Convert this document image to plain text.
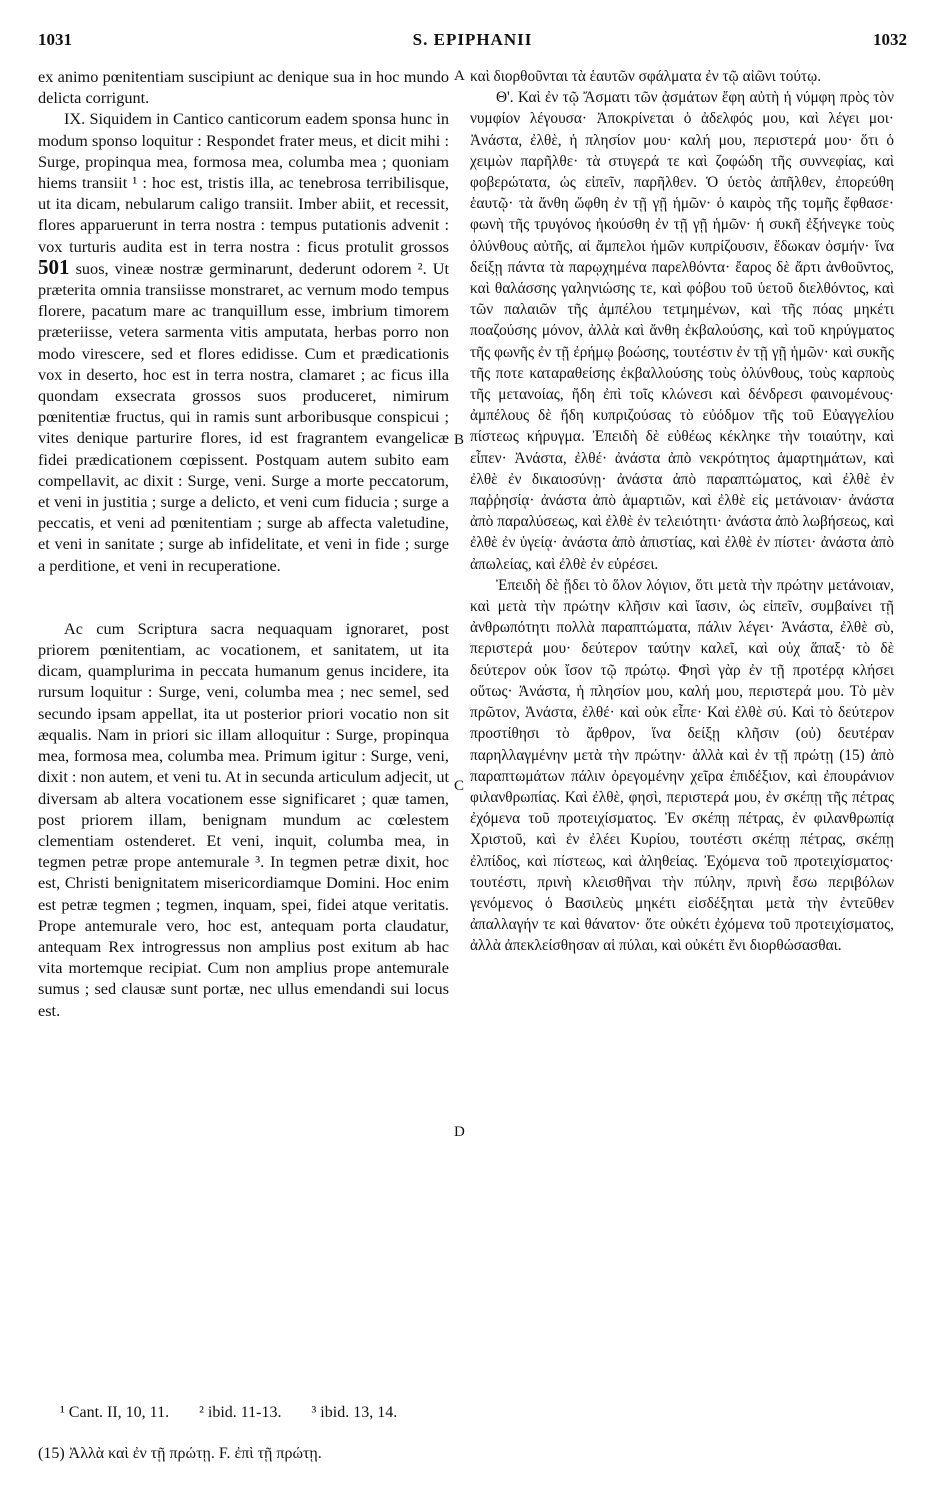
1031	S. EPIPHANII	1032

ex animo pœnitentiam suscipiunt ac denique sua in hoc mundo delicta corrigunt.

IX. Siquidem in Cantico canticorum eadem sponsa hunc in modum sponso loquitur : Respondet frater meus, et dicit mihi : Surge, propinqua mea, formosa mea, columba mea ; quoniam hiems transiit ¹ : hoc est, tristis illa, ac tenebrosa terribilisque, ut ita dicam, nebularum caligo transiit. Imber abiit, et recessit, flores apparuerunt in terra nostra : tempus putationis advenit : vox turturis audita est in terra nostra : ficus protulit grossos 501 suos, vineæ nostræ germinarunt, dederunt odorem ². Ut præterita omnia transiisse monstraret, ac vernum modo tempus florere, pacatum mare ac tranquillum esse, imbrium timorem præteriisse, vetera sarmenta vitis amputata, herbas porro non modo virescere, sed et flores edidisse. Cum et prædicationis vox in deserto, hoc est in terra nostra, clamaret ; ac ficus illa quondam exsecrata grossos suos produceret, nimirum pœnitentiæ fructus, qui in ramis sunt arboribusque conspicui ; vites denique parturire flores, id est fragrantem evangelicæ fidei prædicationem cœpissent. Postquam autem subito eam compellavit, ac dixit : Surge, veni. Surge a morte peccatorum, et veni in justitia ; surge a delicto, et veni cum fiducia ; surge a peccatis, et veni ad pœnitentiam ; surge ab affecta valetudine, et veni in sanitate ; surge ab infidelitate, et veni in fide ; surge a perditione, et veni in recuperatione.

Ac cum Scriptura sacra nequaquam ignoraret, post priorem pœnitentiam, ac vocationem, et sanitatem, ut ita dicam, quamplurima in peccata humanum genus incidere, ita rursum loquitur : Surge, veni, columba mea ; nec semel, sed secundo ipsam appellat, ita ut posterior priori vocatio non sit æqualis. Nam in priori sic illam alloquitur : Surge, propinqua mea, formosa mea, columba mea. Primum igitur : Surge, veni, dixit : non autem, et veni tu. At in secunda articulum adjecit, ut diversam ab altera vocationem esse significaret ; quæ tamen, post priorem illam, benignam mundum ac cœlestem clementiam ostenderet. Et veni, inquit, columba mea, in tegmen petræ prope antemurale ³. In tegmen petræ dixit, hoc est, Christi benignitatem misericordiamque Domini. Hoc enim est petræ tegmen ; tegmen, inquam, spei, fidei atque veritatis. Prope antemurale vero, hoc est, antequam porta claudatur, antequam Rex introgressus non amplius post exitum ab hac vita mortemque recipiat. Cum non amplius prope antemurale sumus ; sed clausæ sunt portæ, nec ullus emendandi sui locus est.

A
B
C
D

καὶ διορθοῦνται τὰ ἑαυτῶν σφάλματα ἐν τῷ αἰῶνι τούτῳ.

Θ'. Καὶ ἐν τῷ Ἄσματι τῶν ᾀσμάτων ἔφη αὐτὴ ἡ νύμφη πρὸς τὸν νυμφίον λέγουσα· Ἀποκρίνεται ὁ ἀδελφός μου, καὶ λέγει μοι· Ἀνάστα, ἐλθὲ, ἡ πλησίον μου· καλή μου, περιστερά μου· ὅτι ὁ χειμὼν παρῆλθε· τὰ στυγερά τε καὶ ζοφώδη τῆς συννεφίας, καὶ φοβερώτατα, ὡς εἰπεῖν, παρῆλθεν. Ὁ ὑετὸς ἀπῆλθεν, ἐπορεύθη ἑαυτῷ· τὰ ἄνθη ὤφθη ἐν τῇ γῇ ἡμῶν· ὁ καιρὸς τῆς τομῆς ἔφθασε· φωνὴ τῆς τρυγόνος ἠκούσθη ἐν τῇ γῇ ἡμῶν· ἡ συκῆ ἐξήνεγκε τοὺς ὀλύνθους αὐτῆς, αἱ ἄμπελοι ἡμῶν κυπρίζουσιν, ἔδωκαν ὀσμήν· ἵνα δείξῃ πάντα τὰ παρῳχημένα παρελθόντα· ἔαρος δὲ ἄρτι ἀνθοῦντος, καὶ θαλάσσης γαληνιώσης τε, καὶ φόβου τοῦ ὑετοῦ διελθόντος, καὶ τῶν παλαιῶν τῆς ἀμπέλου τετμημένων, καὶ τῆς πόας μηκέτι ποαζούσης μόνον, ἀλλὰ καὶ ἄνθη ἐκβαλούσης, καὶ τοῦ κηρύγματος τῆς φωνῆς ἐν τῇ ἐρήμῳ βοώσης, τουτέστιν ἐν τῇ γῇ ἡμῶν· καὶ συκῆς τῆς ποτε καταραθείσης ἐκβαλλούσης τοὺς ὀλύνθους, τοὺς καρποὺς τῆς μετανοίας, ἤδη ἐπὶ τοῖς κλώνεσι καὶ δένδρεσι φαινομένους· ἀμπέλους δὲ ἤδη κυπριζούσας τὸ εὐόδμον τῆς τοῦ Εὐαγγελίου πίστεως κήρυγμα. Ἐπειδὴ δὲ εὐθέως κέκληκε τὴν τοιαύτην, καὶ εἶπεν· Ἀνάστα, ἐλθέ· ἀνάστα ἀπὸ νεκρότητος ἁμαρτημάτων, καὶ ἐλθὲ ἐν δικαιοσύνῃ· ἀνάστα ἀπὸ παραπτώματος, καὶ ἐλθὲ ἐν παῤῥησίᾳ· ἀνάστα ἀπὸ ἁμαρτιῶν, καὶ ἐλθὲ εἰς μετάνοιαν· ἀνάστα ἀπὸ παραλύσεως, καὶ ἐλθὲ ἐν τελειότητι· ἀνάστα ἀπὸ λωβήσεως, καὶ ἐλθὲ ἐν ὑγείᾳ· ἀνάστα ἀπὸ ἀπιστίας, καὶ ἐλθὲ ἐν πίστει· ἀνάστα ἀπὸ ἀπωλείας, καὶ ἐλθὲ ἐν εὑρέσει.

Ἐπειδὴ δὲ ᾔδει τὸ ὅλον λόγιον, ὅτι μετὰ τὴν πρώτην μετάνοιαν, καὶ μετὰ τὴν πρώτην κλῆσιν καὶ ἴασιν, ὡς εἰπεῖν, συμβαίνει τῇ ἀνθρωπότητι πολλὰ παραπτώματα, πάλιν λέγει· Ἀνάστα, ἐλθὲ σὺ, περιστερά μου· δεύτερον ταύτην καλεῖ, καὶ οὐχ ἅπαξ· τὸ δὲ δεύτερον οὐκ ἴσον τῷ πρώτῳ. Φησὶ γὰρ ἐν τῇ προτέρᾳ κλήσει οὕτως· Ἀνάστα, ἡ πλησίον μου, καλή μου, περιστερά μου. Τὸ μὲν πρῶτον, Ἀνάστα, ἐλθέ· καὶ οὐκ εἶπε· Καὶ ἐλθὲ σύ. Καὶ τὸ δεύτερον προστίθησι τὸ ἄρθρον, ἵνα δείξῃ κλῆσιν (οὐ) δευτέραν παρηλλαγμένην μετὰ τὴν πρώτην· ἀλλὰ καὶ ἐν τῇ πρώτῃ (15) ἀπὸ παραπτωμάτων πάλιν ὀρεγομένην χεῖρα ἐπιδέξιον, καὶ ἐπουράνιον φιλανθρωπίας. Καὶ ἐλθὲ, φησὶ, περιστερά μου, ἐν σκέπῃ τῆς πέτρας ἐχόμενα τοῦ προτειχίσματος. Ἐν σκέπῃ πέτρας, ἐν φιλανθρωπίᾳ Χριστοῦ, καὶ ἐν ἐλέει Κυρίου, τουτέστι σκέπῃ πέτρας, σκέπῃ ἐλπίδος, καὶ πίστεως, καὶ ἀληθείας. Ἐχόμενα τοῦ προτειχίσματος· τουτέστι, πρινὴ κλεισθῆναι τὴν πύλην, πρινὴ ἔσω περιβόλων γενόμενος ὁ Βασιλεὺς μηκέτι εἰσδέξηται μετὰ τὴν ἐντεῦθεν ἀπαλλαγήν τε καὶ θάνατον· ὅτε οὐκέτι ἐχόμενα τοῦ προτειχίσματος, ἀλλὰ ἀπεκλείσθησαν αἱ πύλαι, καὶ οὐκέτι ἔνι διορθώσασθαι.

¹ Cant. II, 10, 11. ² ibid. 11-13. ³ ibid. 13, 14.
(15) Ἀλλὰ καὶ ἐν τῇ πρώτῃ. F. ἐπὶ τῇ πρώτῃ.
